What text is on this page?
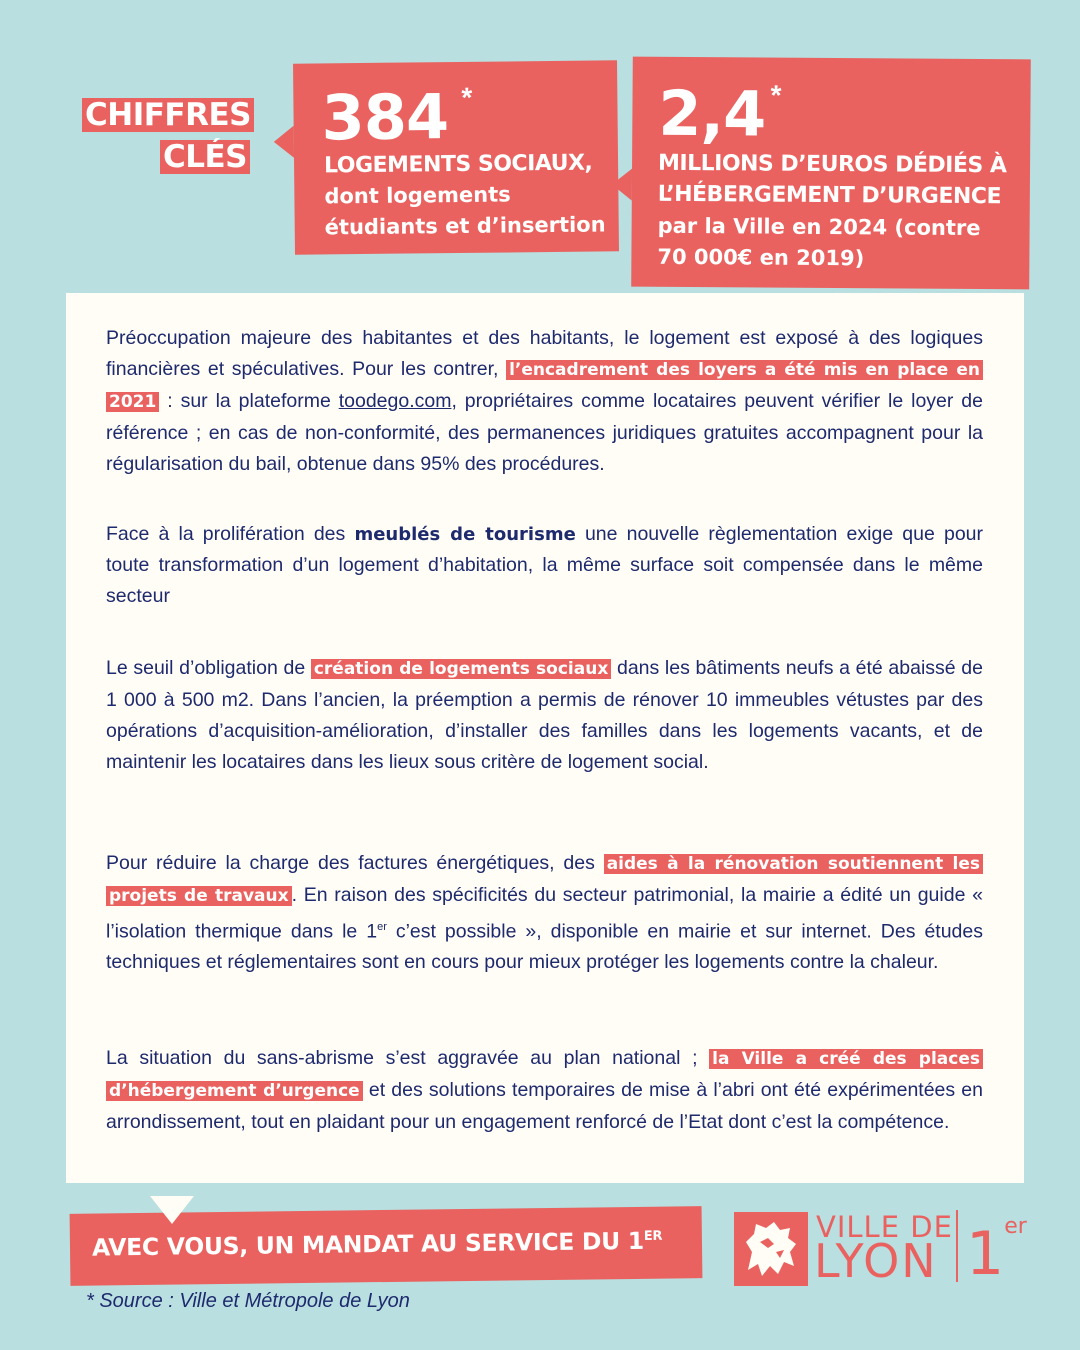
CHIFFRES
CLÉS
384 *
LOGEMENTS SOCIAUX,
dont logements
étudiants et d’insertion
2,4 *
MILLIONS D’EUROS DÉDIÉS À
L’HÉBERGEMENT D’URGENCE
par la Ville en 2024 (contre
70 000€ en 2019)

Préoccupation majeure des habitantes et des habitants, le logement est exposé à des logiques financières et spéculatives. Pour les contrer, l’encadrement des loyers a été mis en place en 2021 : sur la plateforme toodego.com, propriétaires comme locataires peuvent vérifier le loyer de référence ; en cas de non-conformité, des permanences juridiques gratuites accompagnent pour la régularisation du bail, obtenue dans 95% des procédures.

Face à la prolifération des meublés de tourisme une nouvelle règlementation exige que pour toute transformation d’un logement d’habitation, la même surface soit compensée dans le même secteur

Le seuil d’obligation de création de logements sociaux dans les bâtiments neufs a été abaissé de 1 000 à 500 m2. Dans l’ancien, la préemption a permis de rénover 10 immeubles vétustes par des opérations d’acquisition-amélioration, d’installer des familles dans les logements vacants, et de maintenir les locataires dans les lieux sous critère de logement social.

Pour réduire la charge des factures énergétiques, des aides à la rénovation soutiennent les projets de travaux . En raison des spécificités du secteur patrimonial, la mairie a édité un guide « l’isolation thermique dans le 1er c’est possible », disponible en mairie et sur internet. Des études techniques et réglementaires sont en cours pour mieux protéger les logements contre la chaleur.

La situation du sans-abrisme s’est aggravée au plan national ; la Ville a créé des places d’hébergement d’urgence et des solutions temporaires de mise à l’abri ont été expérimentées en arrondissement, tout en plaidant pour un engagement renforcé de l’Etat dont c’est la compétence.

AVEC VOUS, UN MANDAT AU SERVICE DU 1ER
* Source : Ville et Métropole de Lyon
VILLE DE
LYON 1er
